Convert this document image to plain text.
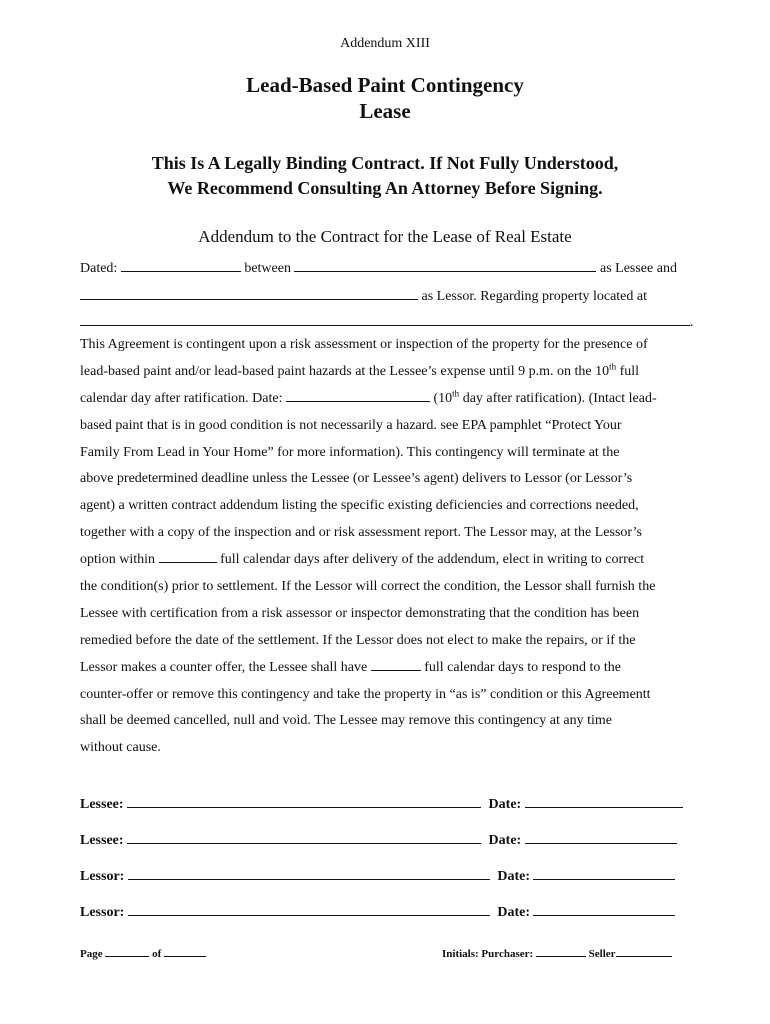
Addendum XIII
Lead-Based Paint Contingency
Lease
This Is A Legally Binding Contract. If Not Fully Understood,
We Recommend Consulting An Attorney Before Signing.
Addendum to the Contract for the Lease of Real Estate
Dated:	between	as Lessee and
as Lessor. Regarding property located at
.
This Agreement is contingent upon a risk assessment or inspection of the property for the presence of
lead-based paint and/or lead-based paint hazards at the Lessee’s expense until 9 p.m. on the 10th full
calendar day after ratification. Date:	(10th day after ratification). (Intact lead-
based paint that is in good condition is not necessarily a hazard. see EPA pamphlet “Protect Your
Family From Lead in Your Home” for more information). This contingency will terminate at the
above predetermined deadline unless the Lessee (or Lessee’s agent) delivers to Lessor (or Lessor’s
agent) a written contract addendum listing the specific existing deficiencies and corrections needed,
together with a copy of the inspection and or risk assessment report. The Lessor may, at the Lessor’s
option within	full calendar days after delivery of the addendum, elect in writing to correct
the condition(s) prior to settlement. If the Lessor will correct the condition, the Lessor shall furnish the
Lessee with certification from a risk assessor or inspector demonstrating that the condition has been
remedied before the date of the settlement. If the Lessor does not elect to make the repairs, or if the
Lessor makes a counter offer, the Lessee shall have	full calendar days to respond to the
counter-offer or remove this contingency and take the property in “as is” condition or this Agreementt
shall be deemed cancelled, null and void. The Lessee may remove this contingency at any time
without cause.
Lessee:	Date:
Lessee:	Date:
Lessor:	Date:
Lessor:	Date:
Page	of	Initials: Purchaser:	Seller
